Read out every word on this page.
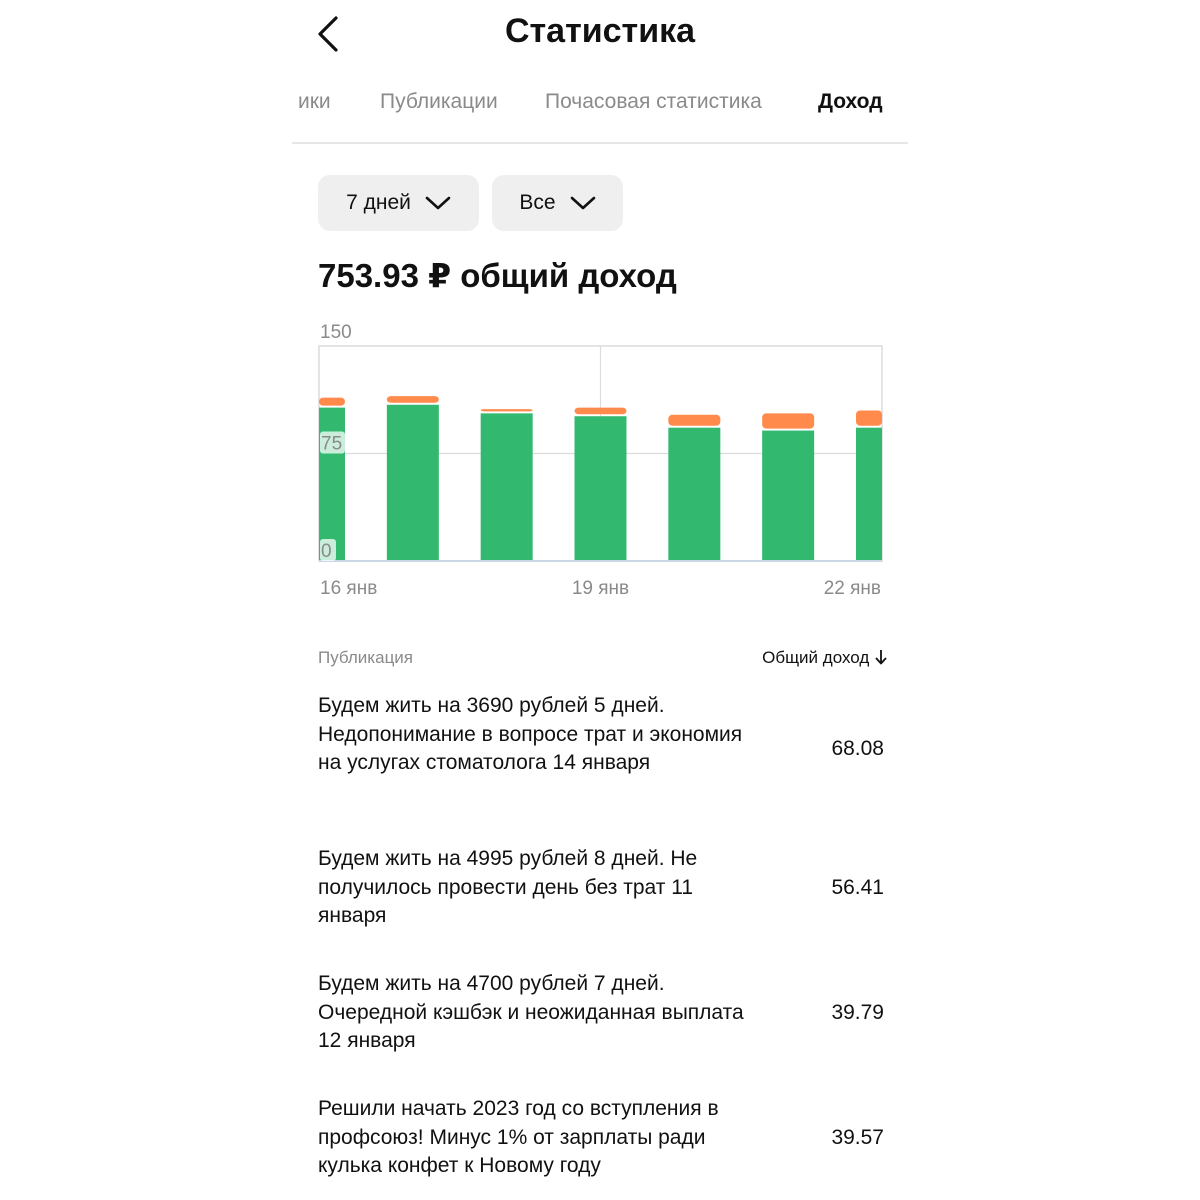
Статистика
ики Публикации Почасовая статистика	Доход
7 дней	Все
753.93 ₽ общий доход
0
75
150
16 янв	19 янв	22 янв
Публикация	Общий доход
Будем жить на 3690 рублей 5 дней. Недопонимание в вопросе трат и экономия на услугах стоматолога 14 января
68.08
Будем жить на 4995 рублей 8 дней. Не получилось провести день без трат 11 января
56.41
Будем жить на 4700 рублей 7 дней. Очередной кэшбэк и неожиданная выплата 12 января
39.79
Решили начать 2023 год со вступления в профсоюз! Минус 1% от зарплаты ради кулька конфет к Новому году
39.57
